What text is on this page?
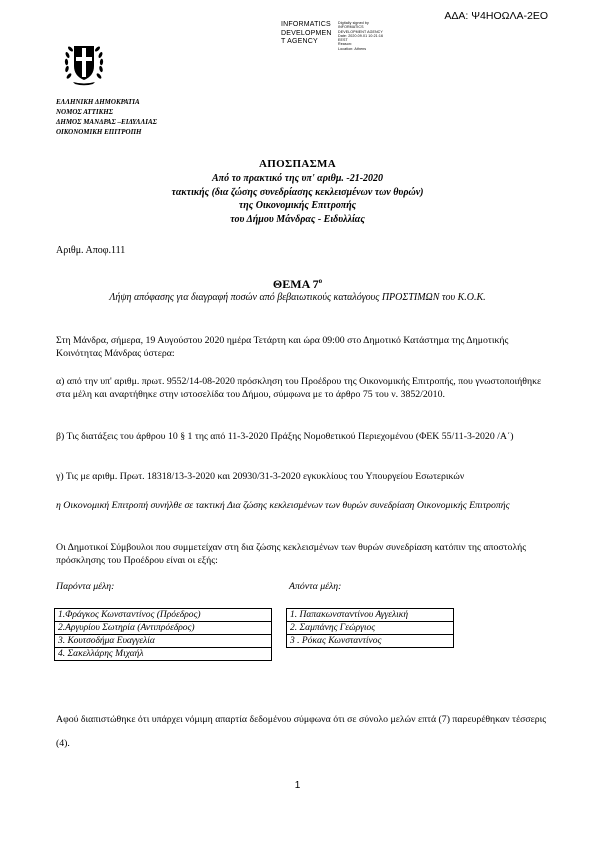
ΑΔΑ: Ψ4ΗΟΩΛΑ-2ΕΟ
INFORMATICS
DEVELOPMEN
T AGENCY
Digitally signed by
INFORMATICS
DEVELOPMENT AGENCY
Date: 2020.09.01 10:21:16
EEST
Reason:
Location: Athens
ΕΛΛΗΝΙΚΗ ΔΗΜΟΚΡΑΤΙΑ
ΝΟΜΟΣ ΑΤΤΙΚΗΣ
ΔΗΜΟΣ ΜΑΝΔΡΑΣ –ΕΙΔΥΛΛΙΑΣ
ΟΙΚΟΝΟΜΙΚΗ ΕΠΙΤΡΟΠΗ
ΑΠΟΣΠΑΣΜΑ
Από το πρακτικό της υπ' αριθμ. -21-2020
τακτικής (δια ζώσης συνεδρίασης κεκλεισμένων των θυρών)
της Οικονομικής Επιτροπής
του Δήμου Μάνδρας - Ειδυλλίας
Αριθμ. Αποφ.111
ΘΕΜΑ $7^o$
Λήψη απόφασης για διαγραφή ποσών από βεβαιωτικούς καταλόγους ΠΡΟΣΤΙΜΩΝ του Κ.Ο.Κ.
Στη Μάνδρα, σήμερα, 19 Αυγούστου 2020 ημέρα Τετάρτη και ώρα 09:00 στο Δημοτικό Κατάστημα της Δημοτικής Κοινότητας Μάνδρας ύστερα:
α) από την υπ' αριθμ. πρωτ. 9552/14-08-2020 πρόσκληση του Προέδρου της Οικονομικής Επιτροπής, που γνωστοποιήθηκε στα μέλη και αναρτήθηκε στην ιστοσελίδα του Δήμου, σύμφωνα με το άρθρο 75 του ν. 3852/2010.
β) Τις διατάξεις του άρθρου 10 § 1 της από 11-3-2020 Πράξης Νομοθετικού Περιεχομένου (ΦΕΚ 55/11-3-2020 /Α΄)
γ) Τις με αριθμ. Πρωτ. 18318/13-3-2020 και 20930/31-3-2020 εγκυκλίους του Υπουργείου Εσωτερικών
η Οικονομική Επιτροπή συνήλθε σε τακτική Δια ζώσης κεκλεισμένων των θυρών συνεδρίαση Οικονομικής Επιτροπής
Οι Δημοτικοί Σύμβουλοι που συμμετείχαν στη δια ζώσης κεκλεισμένων των θυρών συνεδρίαση κατόπιν της αποστολής πρόσκλησης του Προέδρου είναι οι εξής:
Παρόντα μέλη:	Απόντα μέλη:
1.Φράγκος Κωνσταντίνος (Πρόεδρος)
2.Αργυρίου Σωτηρία (Αντιπρόεδρος)
3. Κουτσοδήμα Ευαγγελία
4. Σακελλάρης Μιχαήλ
1. Παπακωνσταντίνου Αγγελική
2. Σαμπάνης Γεώργιος
3 . Ρόκας Κωνσταντίνος
Αφού διαπιστώθηκε ότι υπάρχει νόμιμη απαρτία δεδομένου σύμφωνα ότι σε σύνολο μελών επτά (7) παρευρέθηκαν τέσσερις (4).
1
